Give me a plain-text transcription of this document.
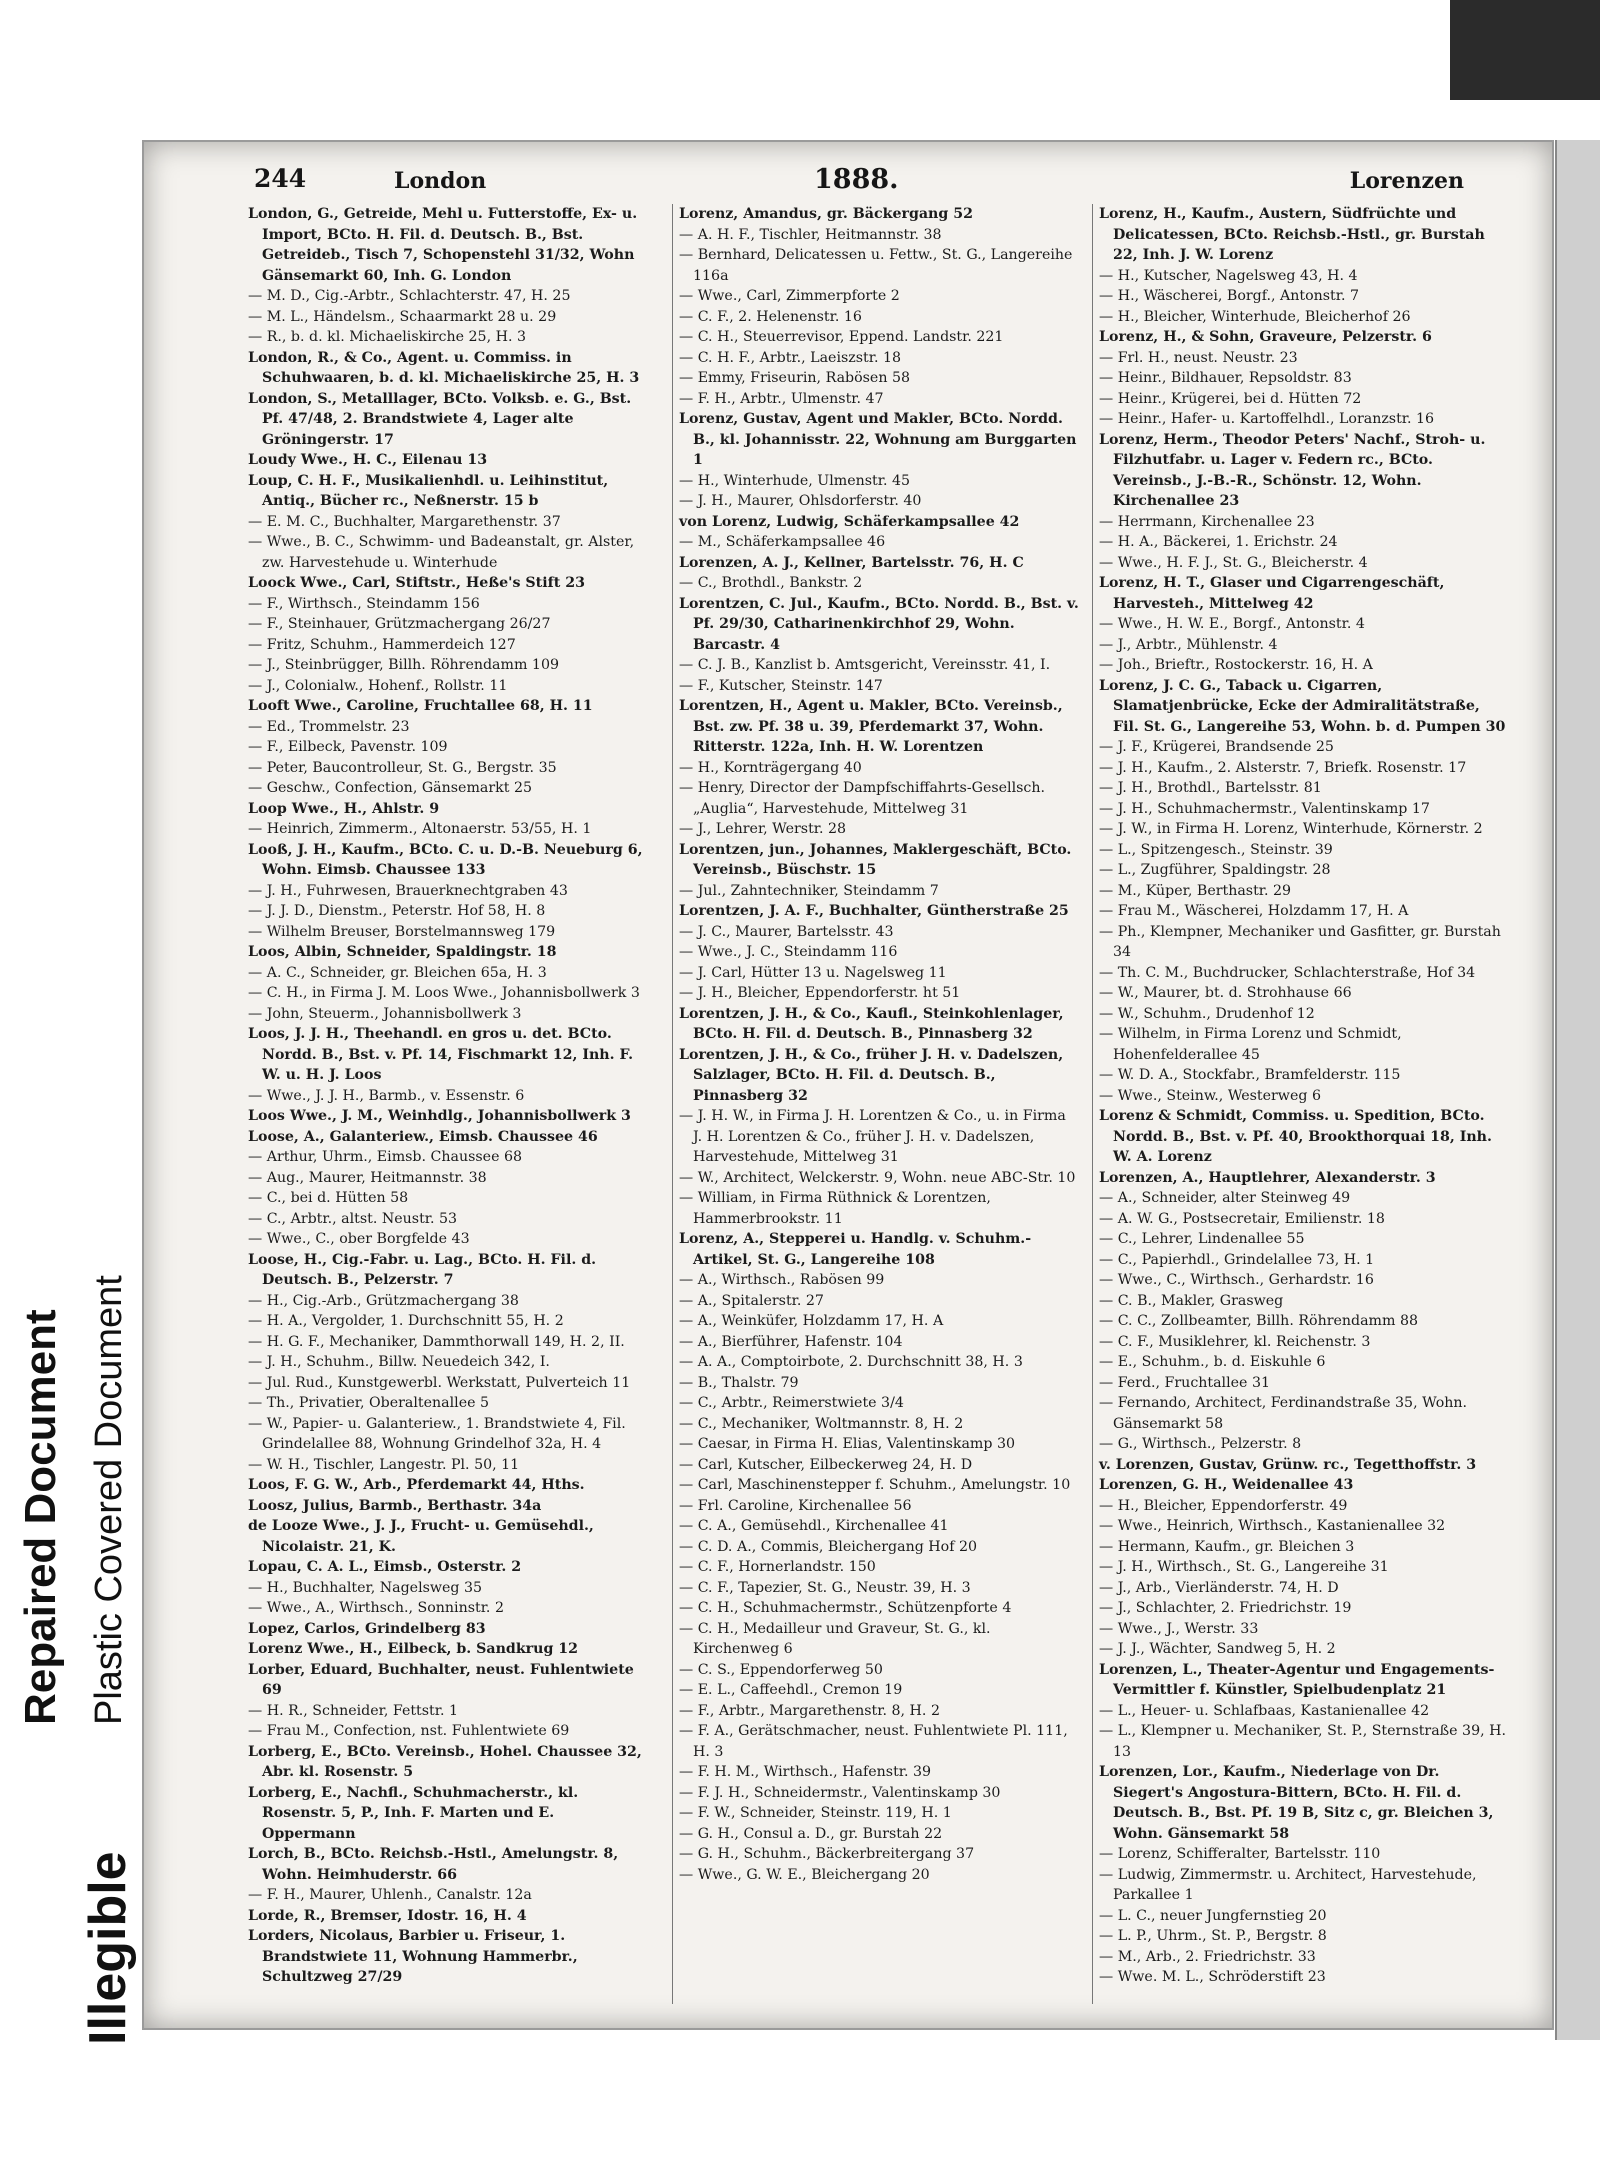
Repaired Document Plastic Covered Document
Illegible
244	London	1888.	Lorenzen

London, G., Getreide, Mehl u. Futterstoffe, Ex- u. Import, BCto. H. Fil. d. Deutsch. B., Bst. Getreideb., Tisch 7, Schopenstehl 31/32, Wohn Gänsemarkt 60, Inh. G. London

— M. D., Cig.-Arbtr., Schlachterstr. 47, H. 25

— M. L., Händelsm., Schaarmarkt 28 u. 29

— R., b. d. kl. Michaeliskirche 25, H. 3

London, R., & Co., Agent. u. Commiss. in Schuhwaaren, b. d. kl. Michaeliskirche 25, H. 3

London, S., Metalllager, BCto. Volksb. e. G., Bst. Pf. 47/48, 2. Brandstwiete 4, Lager alte Gröningerstr. 17

Loudy Wwe., H. C., Eilenau 13

Loup, C. H. F., Musikalienhdl. u. Leihinstitut, Antiq., Bücher rc., Neßnerstr. 15 b

— E. M. C., Buchhalter, Margarethenstr. 37

— Wwe., B. C., Schwimm- und Badeanstalt, gr. Alster, zw. Harvestehude u. Winterhude

Loock Wwe., Carl, Stiftstr., Heße's Stift 23

— F., Wirthsch., Steindamm 156

— F., Steinhauer, Grützmachergang 26/27

— Fritz, Schuhm., Hammerdeich 127

— J., Steinbrügger, Billh. Röhrendamm 109

— J., Colonialw., Hohenf., Rollstr. 11

Looft Wwe., Caroline, Fruchtallee 68, H. 11

— Ed., Trommelstr. 23

— F., Eilbeck, Pavenstr. 109

— Peter, Baucontrolleur, St. G., Bergstr. 35

— Geschw., Confection, Gänsemarkt 25

Loop Wwe., H., Ahlstr. 9

— Heinrich, Zimmerm., Altonaerstr. 53/55, H. 1

Looß, J. H., Kaufm., BCto. C. u. D.-B. Neueburg 6, Wohn. Eimsb. Chaussee 133

— J. H., Fuhrwesen, Brauerknechtgraben 43

— J. J. D., Dienstm., Peterstr. Hof 58, H. 8

— Wilhelm Breuser, Borstelmannsweg 179

Loos, Albin, Schneider, Spaldingstr. 18

— A. C., Schneider, gr. Bleichen 65a, H. 3

— C. H., in Firma J. M. Loos Wwe., Johannisbollwerk 3

— John, Steuerm., Johannisbollwerk 3

Loos, J. J. H., Theehandl. en gros u. det. BCto. Nordd. B., Bst. v. Pf. 14, Fischmarkt 12, Inh. F. W. u. H. J. Loos

— Wwe., J. J. H., Barmb., v. Essenstr. 6

Loos Wwe., J. M., Weinhdlg., Johannisbollwerk 3

Loose, A., Galanteriew., Eimsb. Chaussee 46

— Arthur, Uhrm., Eimsb. Chaussee 68

— Aug., Maurer, Heitmannstr. 38

— C., bei d. Hütten 58

— C., Arbtr., altst. Neustr. 53

— Wwe., C., ober Borgfelde 43

Loose, H., Cig.-Fabr. u. Lag., BCto. H. Fil. d. Deutsch. B., Pelzerstr. 7

— H., Cig.-Arb., Grützmachergang 38

— H. A., Vergolder, 1. Durchschnitt 55, H. 2

— H. G. F., Mechaniker, Dammthorwall 149, H. 2, II.

— J. H., Schuhm., Billw. Neuedeich 342, I.

— Jul. Rud., Kunstgewerbl. Werkstatt, Pulverteich 11

— Th., Privatier, Oberaltenallee 5

— W., Papier- u. Galanteriew., 1. Brandstwiete 4, Fil. Grindelallee 88, Wohnung Grindelhof 32a, H. 4

— W. H., Tischler, Langestr. Pl. 50, 11

Loos, F. G. W., Arb., Pferdemarkt 44, Hths.

Loosz, Julius, Barmb., Berthastr. 34a

de Looze Wwe., J. J., Frucht- u. Gemüsehdl., Nicolaistr. 21, K.

Lopau, C. A. L., Eimsb., Osterstr. 2

— H., Buchhalter, Nagelsweg 35

— Wwe., A., Wirthsch., Sonninstr. 2

Lopez, Carlos, Grindelberg 83

Lorenz Wwe., H., Eilbeck, b. Sandkrug 12

Lorber, Eduard, Buchhalter, neust. Fuhlentwiete 69

— H. R., Schneider, Fettstr. 1

— Frau M., Confection, nst. Fuhlentwiete 69

Lorberg, E., BCto. Vereinsb., Hohel. Chaussee 32, Abr. kl. Rosenstr. 5

Lorberg, E., Nachfl., Schuhmacherstr., kl. Rosenstr. 5, P., Inh. F. Marten und E. Oppermann

Lorch, B., BCto. Reichsb.-Hstl., Amelungstr. 8, Wohn. Heimhuderstr. 66

— F. H., Maurer, Uhlenh., Canalstr. 12a

Lorde, R., Bremser, Idostr. 16, H. 4

Lorders, Nicolaus, Barbier u. Friseur, 1. Brandstwiete 11, Wohnung Hammerbr., Schultzweg 27/29

Lorenz, Amandus, gr. Bäckergang 52

— A. H. F., Tischler, Heitmannstr. 38

— Bernhard, Delicatessen u. Fettw., St. G., Langereihe 116a

— Wwe., Carl, Zimmerpforte 2

— C. F., 2. Helenenstr. 16

— C. H., Steuerrevisor, Eppend. Landstr. 221

— C. H. F., Arbtr., Laeiszstr. 18

— Emmy, Friseurin, Rabösen 58

— F. H., Arbtr., Ulmenstr. 47

Lorenz, Gustav, Agent und Makler, BCto. Nordd. B., kl. Johannisstr. 22, Wohnung am Burggarten 1

— H., Winterhude, Ulmenstr. 45

— J. H., Maurer, Ohlsdorferstr. 40

von Lorenz, Ludwig, Schäferkampsallee 42

— M., Schäferkampsallee 46

Lorenzen, A. J., Kellner, Bartelsstr. 76, H. C

— C., Brothdl., Bankstr. 2

Lorentzen, C. Jul., Kaufm., BCto. Nordd. B., Bst. v. Pf. 29/30, Catharinenkirchhof 29, Wohn. Barcastr. 4

— C. J. B., Kanzlist b. Amtsgericht, Vereinsstr. 41, I.

— F., Kutscher, Steinstr. 147

Lorentzen, H., Agent u. Makler, BCto. Vereinsb., Bst. zw. Pf. 38 u. 39, Pferdemarkt 37, Wohn. Ritterstr. 122a, Inh. H. W. Lorentzen

— H., Kornträgergang 40

— Henry, Director der Dampfschiffahrts-Gesellsch. „Auglia“, Harvestehude, Mittelweg 31

— J., Lehrer, Werstr. 28

Lorentzen, jun., Johannes, Maklergeschäft, BCto. Vereinsb., Büschstr. 15

— Jul., Zahntechniker, Steindamm 7

Lorentzen, J. A. F., Buchhalter, Güntherstraße 25

— J. C., Maurer, Bartelsstr. 43

— Wwe., J. C., Steindamm 116

— J. Carl, Hütter 13 u. Nagelsweg 11

— J. H., Bleicher, Eppendorferstr. ht 51

Lorentzen, J. H., & Co., Kaufl., Steinkohlenlager, BCto. H. Fil. d. Deutsch. B., Pinnasberg 32

Lorentzen, J. H., & Co., früher J. H. v. Dadelszen, Salzlager, BCto. H. Fil. d. Deutsch. B., Pinnasberg 32

— J. H. W., in Firma J. H. Lorentzen & Co., u. in Firma J. H. Lorentzen & Co., früher J. H. v. Dadelszen, Harvestehude, Mittelweg 31

— W., Architect, Welckerstr. 9, Wohn. neue ABC-Str. 10

— William, in Firma Rüthnick & Lorentzen, Hammerbrookstr. 11

Lorenz, A., Stepperei u. Handlg. v. Schuhm.-Artikel, St. G., Langereihe 108

— A., Wirthsch., Rabösen 99

— A., Spitalerstr. 27

— A., Weinküfer, Holzdamm 17, H. A

— A., Bierführer, Hafenstr. 104

— A. A., Comptoirbote, 2. Durchschnitt 38, H. 3

— B., Thalstr. 79

— C., Arbtr., Reimerstwiete 3/4

— C., Mechaniker, Woltmannstr. 8, H. 2

— Caesar, in Firma H. Elias, Valentinskamp 30

— Carl, Kutscher, Eilbeckerweg 24, H. D

— Carl, Maschinenstepper f. Schuhm., Amelungstr. 10

— Frl. Caroline, Kirchenallee 56

— C. A., Gemüsehdl., Kirchenallee 41

— C. D. A., Commis, Bleichergang Hof 20

— C. F., Hornerlandstr. 150

— C. F., Tapezier, St. G., Neustr. 39, H. 3

— C. H., Schuhmachermstr., Schützenpforte 4

— C. H., Medailleur und Graveur, St. G., kl. Kirchenweg 6

— C. S., Eppendorferweg 50

— E. L., Caffeehdl., Cremon 19

— F., Arbtr., Margarethenstr. 8, H. 2

— F. A., Gerätschmacher, neust. Fuhlentwiete Pl. 111, H. 3

— F. H. M., Wirthsch., Hafenstr. 39

— F. J. H., Schneidermstr., Valentinskamp 30

— F. W., Schneider, Steinstr. 119, H. 1

— G. H., Consul a. D., gr. Burstah 22

— G. H., Schuhm., Bäckerbreitergang 37

— Wwe., G. W. E., Bleichergang 20

Lorenz, H., Kaufm., Austern, Südfrüchte und Delicatessen, BCto. Reichsb.-Hstl., gr. Burstah 22, Inh. J. W. Lorenz

— H., Kutscher, Nagelsweg 43, H. 4

— H., Wäscherei, Borgf., Antonstr. 7

— H., Bleicher, Winterhude, Bleicherhof 26

Lorenz, H., & Sohn, Graveure, Pelzerstr. 6

— Frl. H., neust. Neustr. 23

— Heinr., Bildhauer, Repsoldstr. 83

— Heinr., Krügerei, bei d. Hütten 72

— Heinr., Hafer- u. Kartoffelhdl., Loranzstr. 16

Lorenz, Herm., Theodor Peters' Nachf., Stroh- u. Filzhutfabr. u. Lager v. Federn rc., BCto. Vereinsb., J.-B.-R., Schönstr. 12, Wohn. Kirchenallee 23

— Herrmann, Kirchenallee 23

— H. A., Bäckerei, 1. Erichstr. 24

— Wwe., H. F. J., St. G., Bleicherstr. 4

Lorenz, H. T., Glaser und Cigarrengeschäft, Harvesteh., Mittelweg 42

— Wwe., H. W. E., Borgf., Antonstr. 4

— J., Arbtr., Mühlenstr. 4

— Joh., Brieftr., Rostockerstr. 16, H. A

Lorenz, J. C. G., Taback u. Cigarren, Slamatjenbrücke, Ecke der Admiralitätstraße, Fil. St. G., Langereihe 53, Wohn. b. d. Pumpen 30

— J. F., Krügerei, Brandsende 25

— J. H., Kaufm., 2. Alsterstr. 7, Briefk. Rosenstr. 17

— J. H., Brothdl., Bartelsstr. 81

— J. H., Schuhmachermstr., Valentinskamp 17

— J. W., in Firma H. Lorenz, Winterhude, Körnerstr. 2

— L., Spitzengesch., Steinstr. 39

— L., Zugführer, Spaldingstr. 28

— M., Küper, Berthastr. 29

— Frau M., Wäscherei, Holzdamm 17, H. A

— Ph., Klempner, Mechaniker und Gasfitter, gr. Burstah 34

— Th. C. M., Buchdrucker, Schlachterstraße, Hof 34

— W., Maurer, bt. d. Strohhause 66

— W., Schuhm., Drudenhof 12

— Wilhelm, in Firma Lorenz und Schmidt, Hohenfelderallee 45

— W. D. A., Stockfabr., Bramfelderstr. 115

— Wwe., Steinw., Westerweg 6

Lorenz & Schmidt, Commiss. u. Spedition, BCto. Nordd. B., Bst. v. Pf. 40, Brookthorquai 18, Inh. W. A. Lorenz

Lorenzen, A., Hauptlehrer, Alexanderstr. 3

— A., Schneider, alter Steinweg 49

— A. W. G., Postsecretair, Emilienstr. 18

— C., Lehrer, Lindenallee 55

— C., Papierhdl., Grindelallee 73, H. 1

— Wwe., C., Wirthsch., Gerhardstr. 16

— C. B., Makler, Grasweg

— C. C., Zollbeamter, Billh. Röhrendamm 88

— C. F., Musiklehrer, kl. Reichenstr. 3

— E., Schuhm., b. d. Eiskuhle 6

— Ferd., Fruchtallee 31

— Fernando, Architect, Ferdinandstraße 35, Wohn. Gänsemarkt 58

— G., Wirthsch., Pelzerstr. 8

v. Lorenzen, Gustav, Grünw. rc., Tegetthoffstr. 3

Lorenzen, G. H., Weidenallee 43

— H., Bleicher, Eppendorferstr. 49

— Wwe., Heinrich, Wirthsch., Kastanienallee 32

— Hermann, Kaufm., gr. Bleichen 3

— J. H., Wirthsch., St. G., Langereihe 31

— J., Arb., Vierländerstr. 74, H. D

— J., Schlachter, 2. Friedrichstr. 19

— Wwe., J., Werstr. 33

— J. J., Wächter, Sandweg 5, H. 2

Lorenzen, L., Theater-Agentur und Engagements-Vermittler f. Künstler, Spielbudenplatz 21

— L., Heuer- u. Schlafbaas, Kastanienallee 42

— L., Klempner u. Mechaniker, St. P., Sternstraße 39, H. 13

Lorenzen, Lor., Kaufm., Niederlage von Dr. Siegert's Angostura-Bittern, BCto. H. Fil. d. Deutsch. B., Bst. Pf. 19 B, Sitz c, gr. Bleichen 3, Wohn. Gänsemarkt 58

— Lorenz, Schifferalter, Bartelsstr. 110

— Ludwig, Zimmermstr. u. Architect, Harvestehude, Parkallee 1

— L. C., neuer Jungfernstieg 20

— L. P., Uhrm., St. P., Bergstr. 8

— M., Arb., 2. Friedrichstr. 33

— Wwe. M. L., Schröderstift 23
